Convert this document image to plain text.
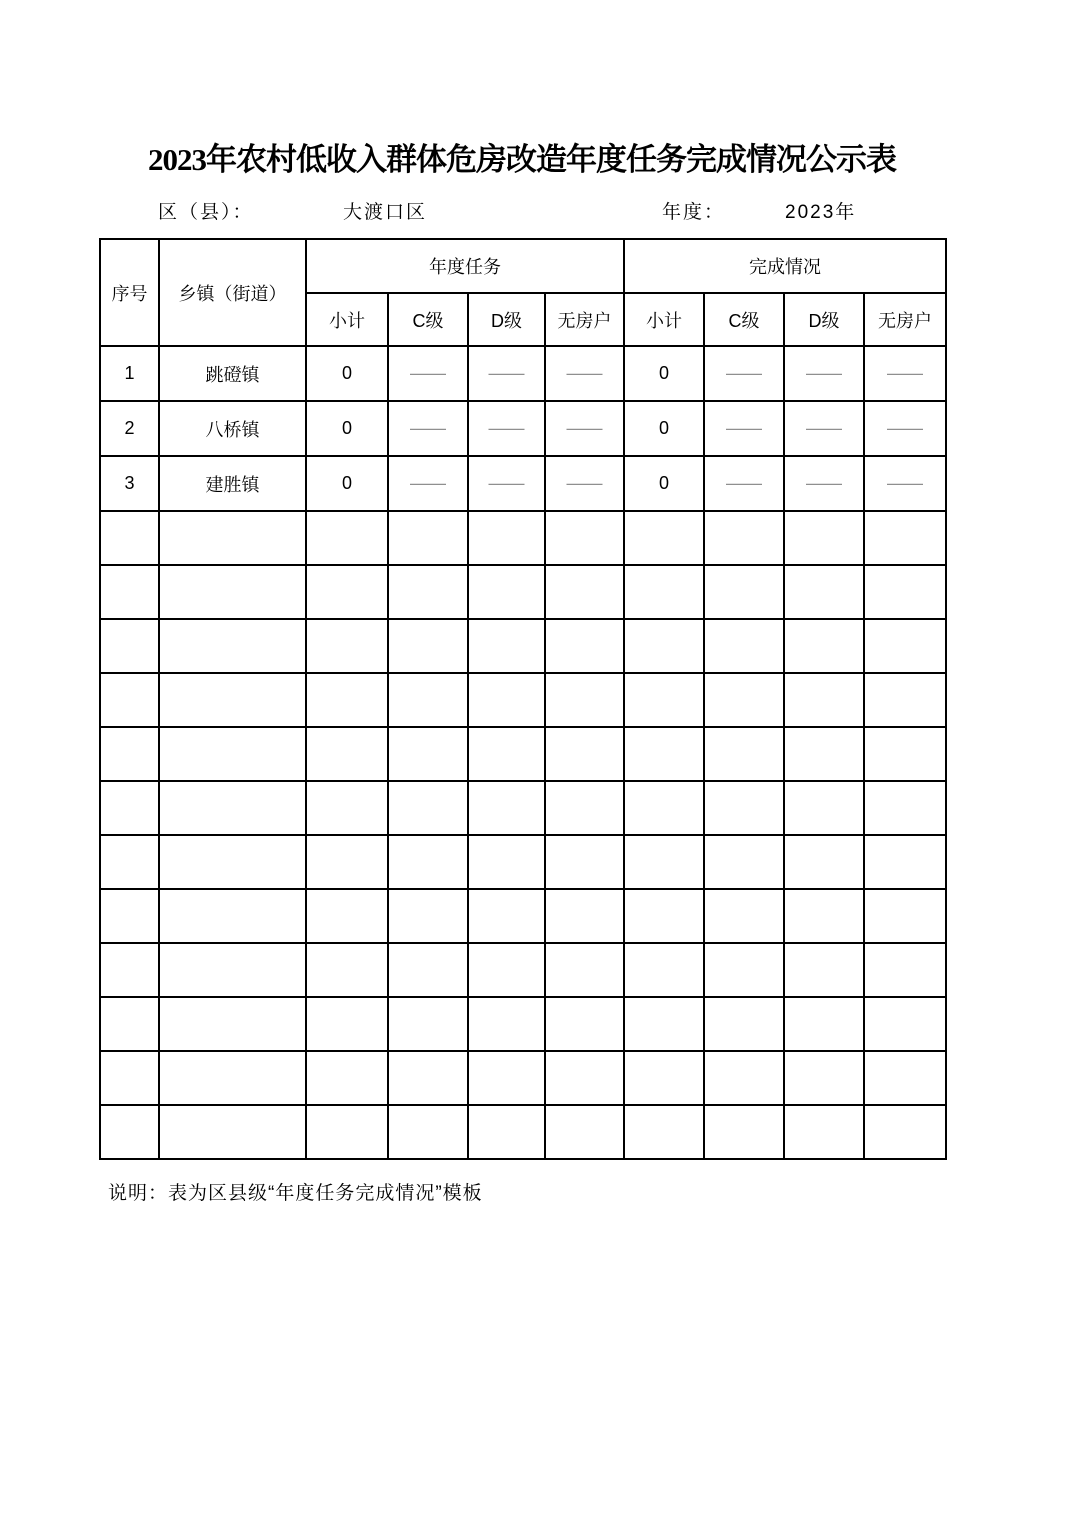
2023年农村低收入群体危房改造年度任务完成情况公示表
区（县）：	大渡口区	年度：	2023年
序号	乡镇（街道）	年度任务				完成情况			
		小计	C级	D级	无房户	小计	C级	D级	无房户
1	跳磴镇	0	——	——	——	0	——	——	——
2	八桥镇	0	——	——	——	0	——	——	——
3	建胜镇	0	——	——	——	0	——	——	——

说明：表为区县级“年度任务完成情况”模板
